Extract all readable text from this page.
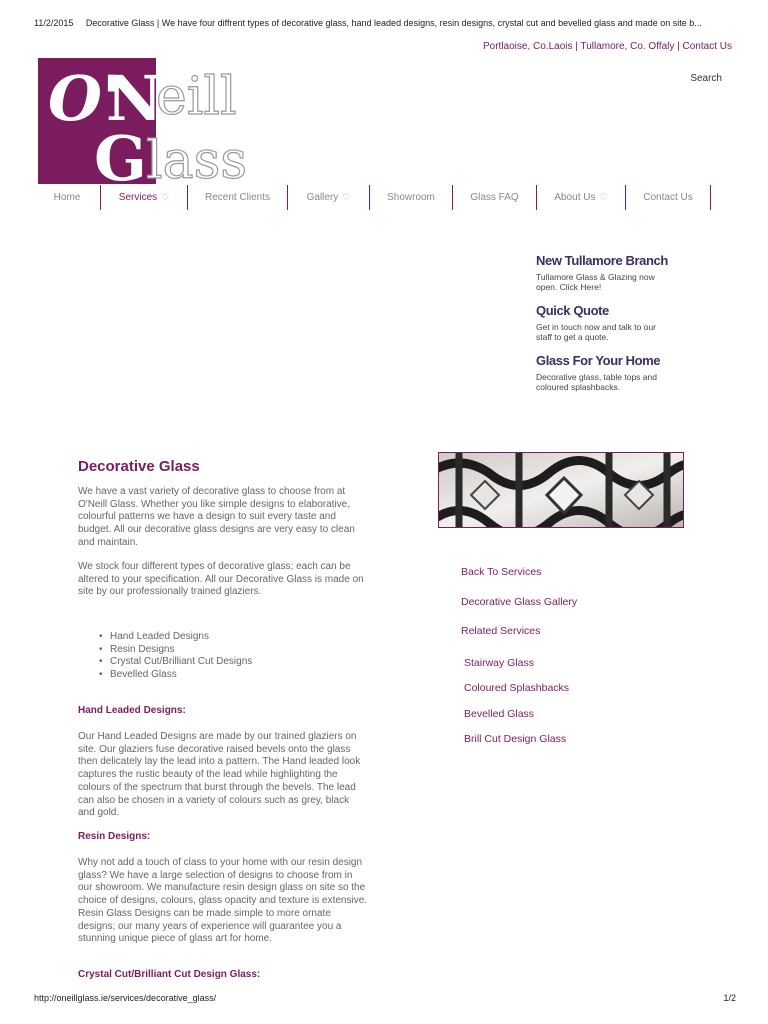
11/2/2015 Decorative Glass | We have four diffrent types of decorative glass, hand leaded designs, resin designs, crystal cut and bevelled glass and made on site b...
Portlaoise, Co.Laois | Tullamore, Co. Offaly | Contact Us
Search
O'
N
eill
G lass
Home	Services ♡	Recent Clients	Gallery ♡	Showroom	Glass FAQ	About Us ♡	Contact Us
New Tullamore Branch

Tullamore Glass & Glazing now open. Click Here!

Quick Quote

Get in touch now and talk to our staff to get a quote.

Glass For Your Home

Decorative glass, table tops and coloured splashbacks.

Decorative Glass

We have a vast variety of decorative glass to choose from at O'Neill Glass. Whether you like simple designs to elaborative, colourful patterns we have a design to suit every taste and budget. All our decorative glass designs are very easy to clean and maintain.

We stock four different types of decorative glass; each can be altered to your specification. All our Decorative Glass is made on site by our professionally trained glaziers.

• Hand Leaded Designs
• Resin Designs
• Crystal Cut/Brilliant Cut Designs
• Bevelled Glass
Hand Leaded Designs:

Our Hand Leaded Designs are made by our trained glaziers on site. Our glaziers fuse decorative raised bevels onto the glass then delicately lay the lead into a pattern. The Hand leaded look captures the rustic beauty of the lead while highlighting the colours of the spectrum that burst through the bevels. The lead can also be chosen in a variety of colours such as grey, black and gold.

Resin Designs:

Why not add a touch of class to your home with our resin design glass? We have a large selection of designs to choose from in our showroom. We manufacture resin design glass on site so the choice of designs, colours, glass opacity and texture is extensive. Resin Glass Designs can be made simple to more ornate designs; our many years of experience will guarantee you a stunning unique piece of glass art for home.

Crystal Cut/Brilliant Cut Design Glass:
Back To Services
Decorative Glass Gallery
Related Services
Stairway Glass
Coloured Splashbacks
Bevelled Glass
Brill Cut Design Glass
http://oneillglass.ie/services/decorative_glass/	1/2
